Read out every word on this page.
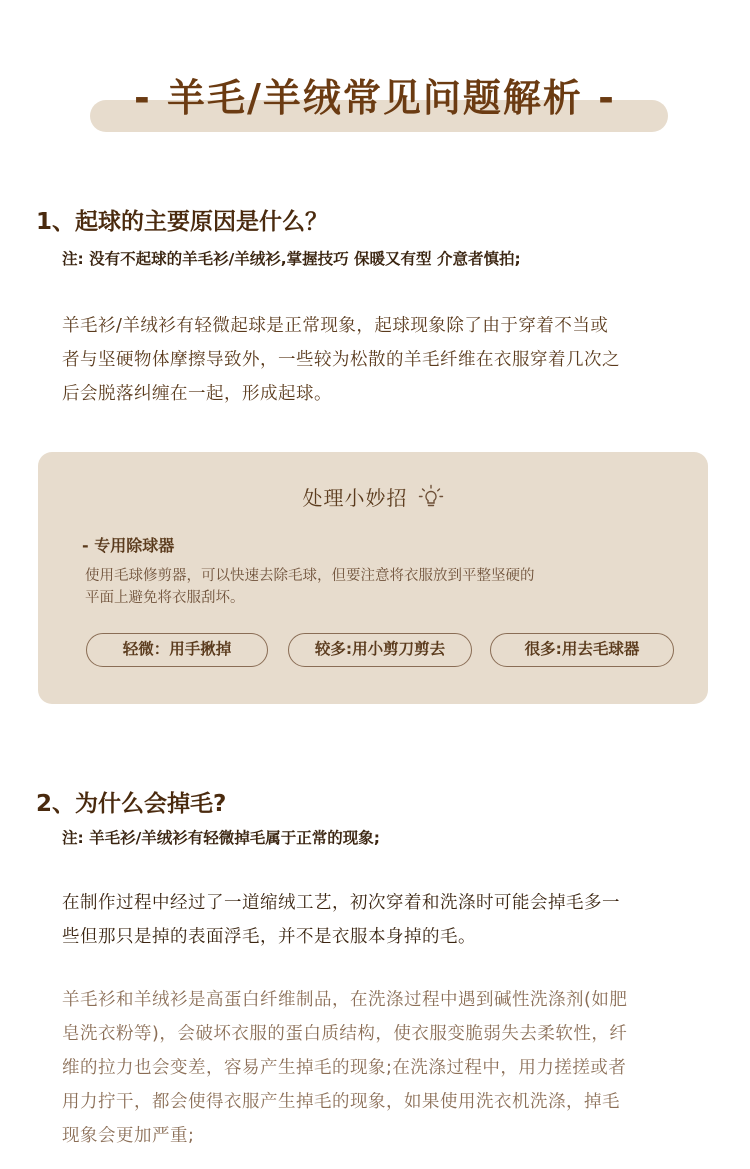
- 羊毛/羊绒常见问题解析 -
1、起球的主要原因是什么？
注: 没有不起球的羊毛衫/羊绒衫,掌握技巧 保暖又有型 介意者慎拍;
羊毛衫/羊绒衫有轻微起球是正常现象，起球现象除了由于穿着不当或
者与坚硬物体摩擦导致外，一些较为松散的羊毛纤维在衣服穿着几次之
后会脱落纠缠在一起，形成起球。
处理小妙招
- 专用除球器
使用毛球修剪器，可以快速去除毛球，但要注意将衣服放到平整坚硬的
平面上避免将衣服刮坏。
轻微：用手揪掉	较多:用小剪刀剪去	很多:用去毛球器
2、为什么会掉毛?
注: 羊毛衫/羊绒衫有轻微掉毛属于正常的现象;
在制作过程中经过了一道缩绒工艺，初次穿着和洗涤时可能会掉毛多一
些但那只是掉的表面浮毛，并不是衣服本身掉的毛。
羊毛衫和羊绒衫是高蛋白纤维制品，在洗涤过程中遇到碱性洗涤剂(如肥
皂洗衣粉等)，会破坏衣服的蛋白质结构，使衣服变脆弱失去柔软性，纤
维的拉力也会变差，容易产生掉毛的现象;在洗涤过程中，用力搓搓或者
用力拧干，都会使得衣服产生掉毛的现象，如果使用洗衣机洗涤，掉毛
现象会更加严重;
